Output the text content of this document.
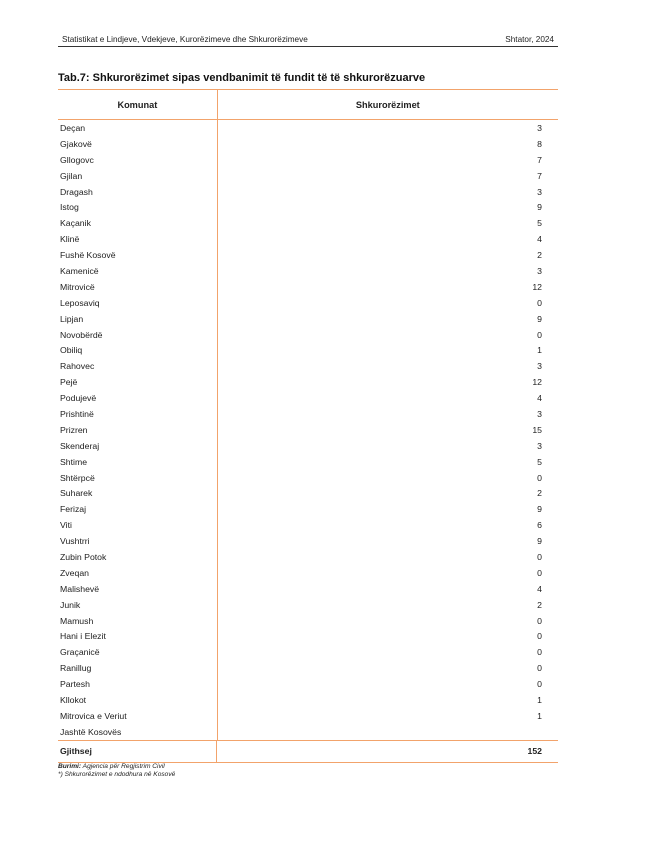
Statistikat e Lindjeve, Vdekjeve, Kurorëzimeve dhe Shkurorëzimeve	Shtator, 2024
Tab.7: Shkurorëzimet sipas vendbanimit të fundit të të shkurorëzuarve
Komunat	Shkurorëzimet
Deçan	3
Gjakovë	8
Gllogovc	7
Gjilan	7
Dragash	3
Istog	9
Kaçanik	5
Klinë	4
Fushë Kosovë	2
Kamenicë	3
Mitrovicë	12
Leposaviq	0
Lipjan	9
Novobërdë	0
Obiliq	1
Rahovec	3
Pejë	12
Podujevë	4
Prishtinë	3
Prizren	15
Skenderaj	3
Shtime	5
Shtërpcë	0
Suharek	2
Ferizaj	9
Viti	6
Vushtrri	9
Zubin Potok	0
Zveqan	0
Malishevë	4
Junik	2
Mamush	0
Hani i Elezit	0
Graçanicë	0
Ranillug	0
Partesh	0
Kllokot	1
Mitrovica e Veriut	1
Jashtë Kosovës
Gjithsej	152
Burimi: Agjencia për Regjistrim Civil
*) Shkurorëzimet e ndodhura në Kosovë
